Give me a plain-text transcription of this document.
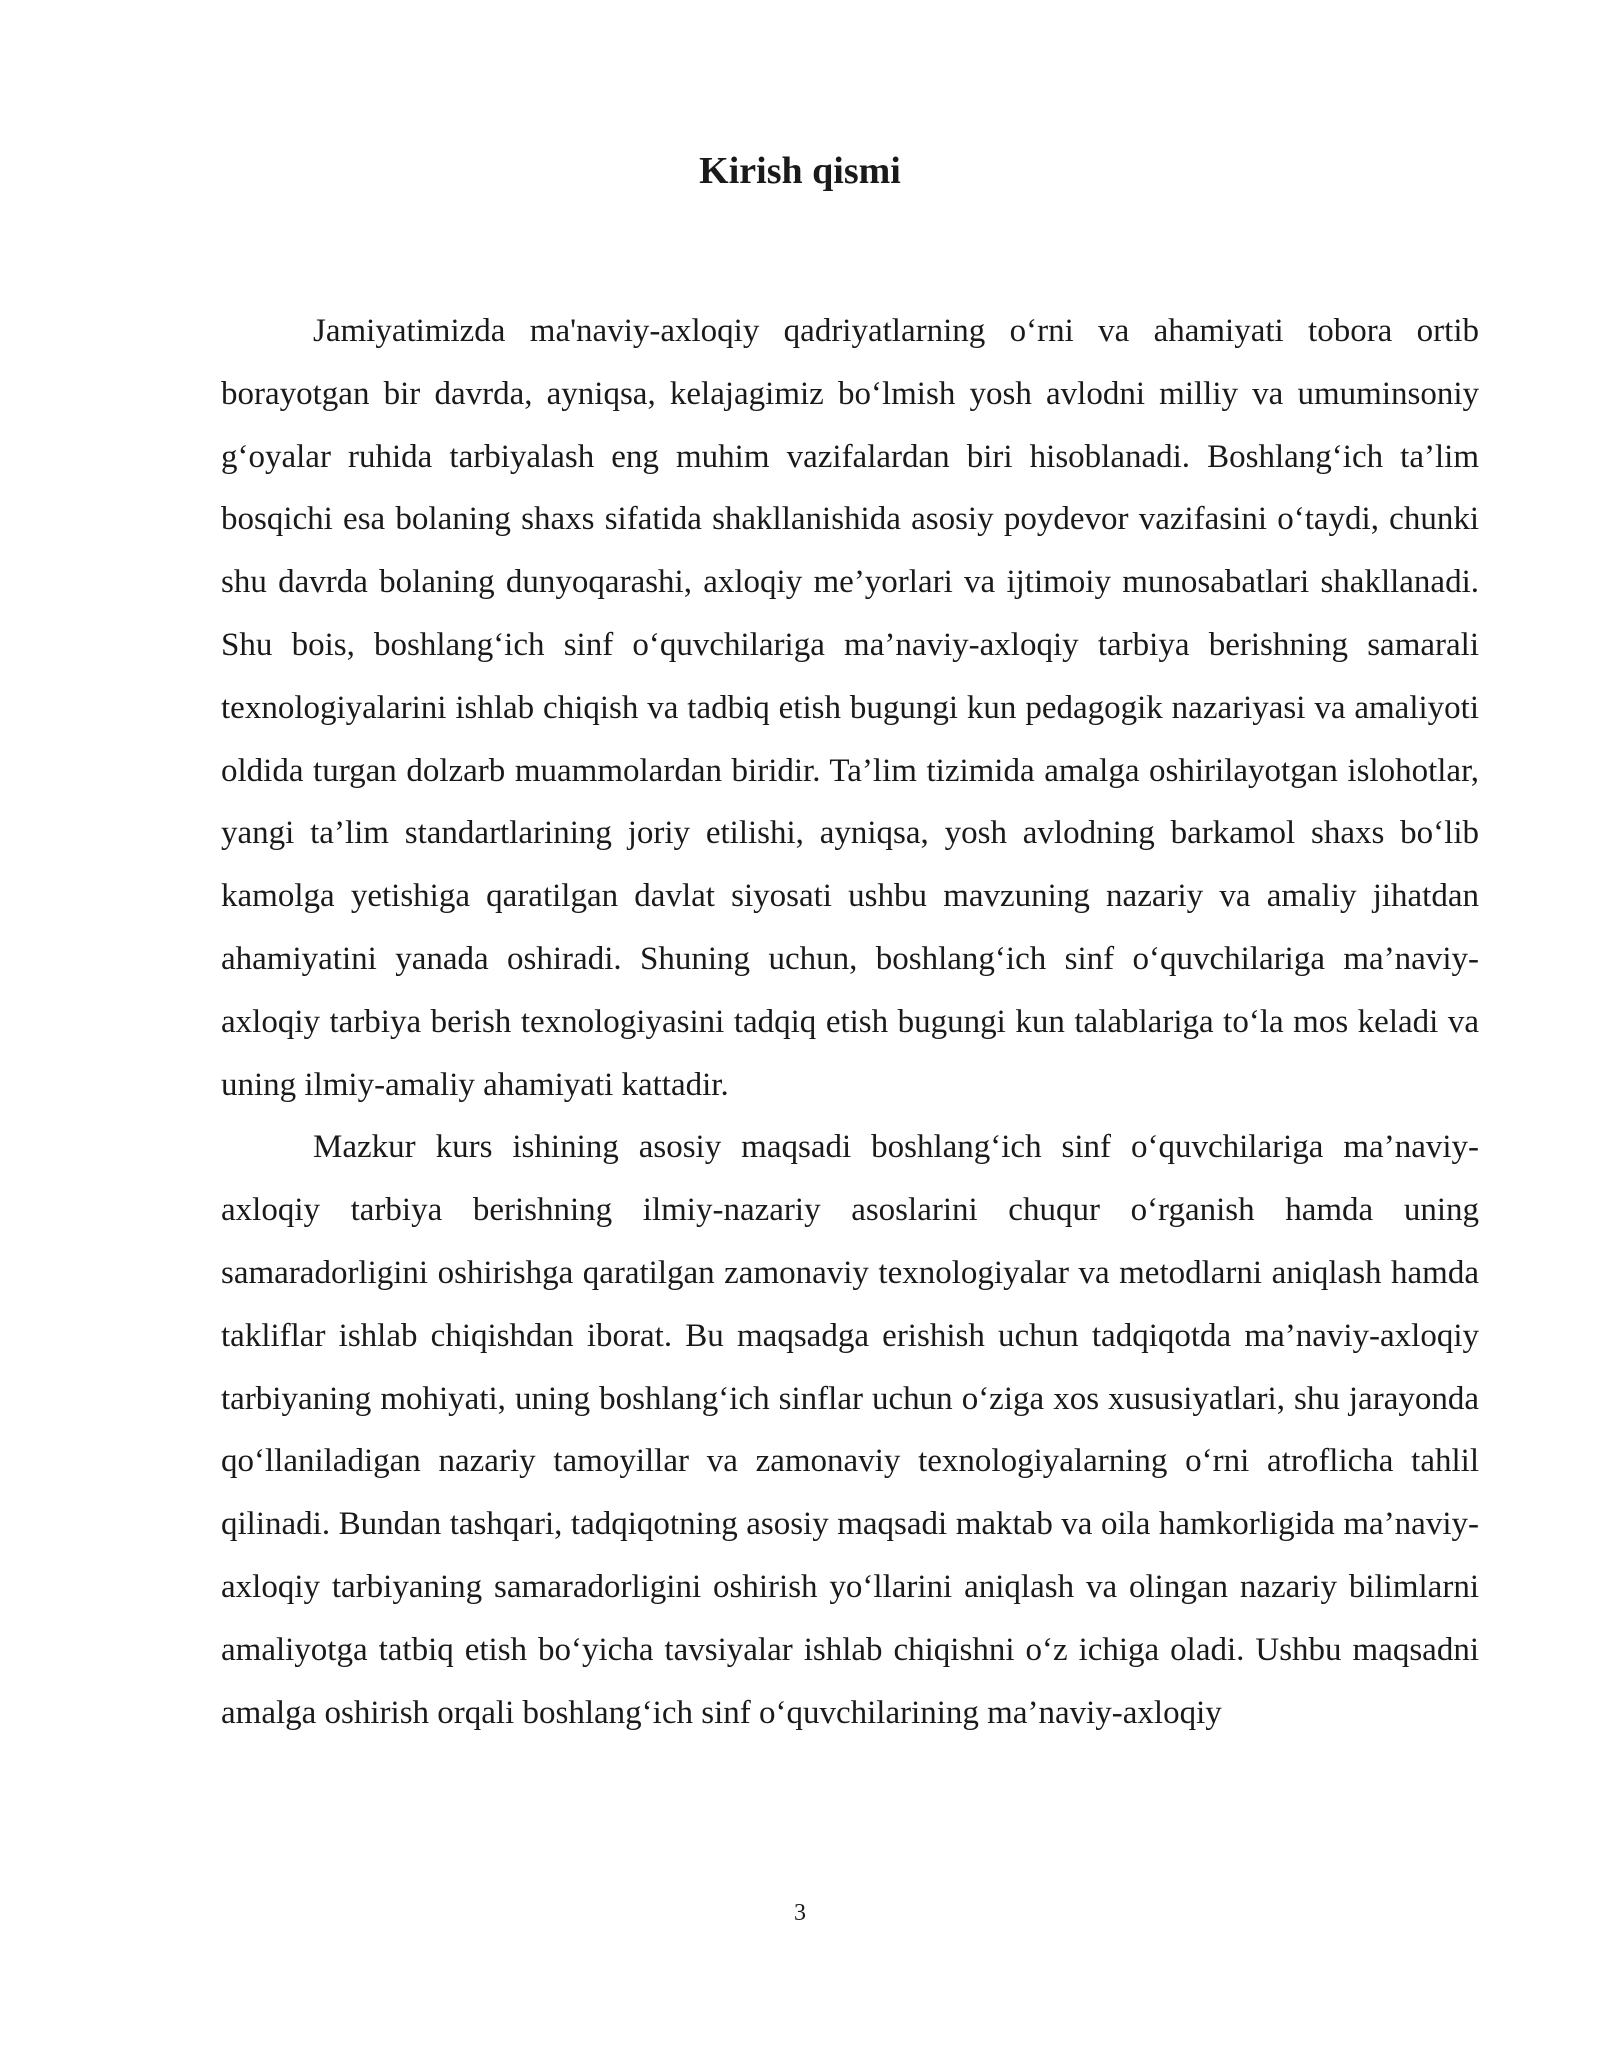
Kirish qismi

Jamiyatimizda ma'naviy-axloqiy qadriyatlarning o‘rni va ahamiyati tobora ortib borayotgan bir davrda, ayniqsa, kelajagimiz bo‘lmish yosh avlodni milliy va umuminsoniy g‘oyalar ruhida tarbiyalash eng muhim vazifalardan biri hisoblanadi. Boshlang‘ich ta’lim bosqichi esa bolaning shaxs sifatida shakllanishida asosiy poydevor vazifasini o‘taydi, chunki shu davrda bolaning dunyoqarashi, axloqiy me’yorlari va ijtimoiy munosabatlari shakllanadi. Shu bois, boshlang‘ich sinf o‘quvchilariga ma’naviy-axloqiy tarbiya berishning samarali texnologiyalarini ishlab chiqish va tadbiq etish bugungi kun pedagogik nazariyasi va amaliyoti oldida turgan dolzarb muammolardan biridir. Ta’lim tizimida amalga oshirilayotgan islohotlar, yangi ta’lim standartlarining joriy etilishi, ayniqsa, yosh avlodning barkamol shaxs bo‘lib kamolga yetishiga qaratilgan davlat siyosati ushbu mavzuning nazariy va amaliy jihatdan ahamiyatini yanada oshiradi. Shuning uchun, boshlang‘ich sinf o‘quvchilariga ma’naviy-axloqiy tarbiya berish texnologiyasini tadqiq etish bugungi kun talablariga to‘la mos keladi va uning ilmiy-amaliy ahamiyati kattadir.

Mazkur kurs ishining asosiy maqsadi boshlang‘ich sinf o‘quvchilariga ma’naviy-axloqiy tarbiya berishning ilmiy-nazariy asoslarini chuqur o‘rganish hamda uning samaradorligini oshirishga qaratilgan zamonaviy texnologiyalar va metodlarni aniqlash hamda takliflar ishlab chiqishdan iborat. Bu maqsadga erishish uchun tadqiqotda ma’naviy-axloqiy tarbiyaning mohiyati, uning boshlang‘ich sinflar uchun o‘ziga xos xususiyatlari, shu jarayonda qo‘llaniladigan nazariy tamoyillar va zamonaviy texnologiyalarning o‘rni atroflicha tahlil qilinadi. Bundan tashqari, tadqiqotning asosiy maqsadi maktab va oila hamkorligida ma’naviy-axloqiy tarbiyaning samaradorligini oshirish yo‘llarini aniqlash va olingan nazariy bilimlarni amaliyotga tatbiq etish bo‘yicha tavsiyalar ishlab chiqishni o‘z ichiga oladi. Ushbu maqsadni amalga oshirish orqali boshlang‘ich sinf o‘quvchilarining ma’naviy-axloqiy

3
